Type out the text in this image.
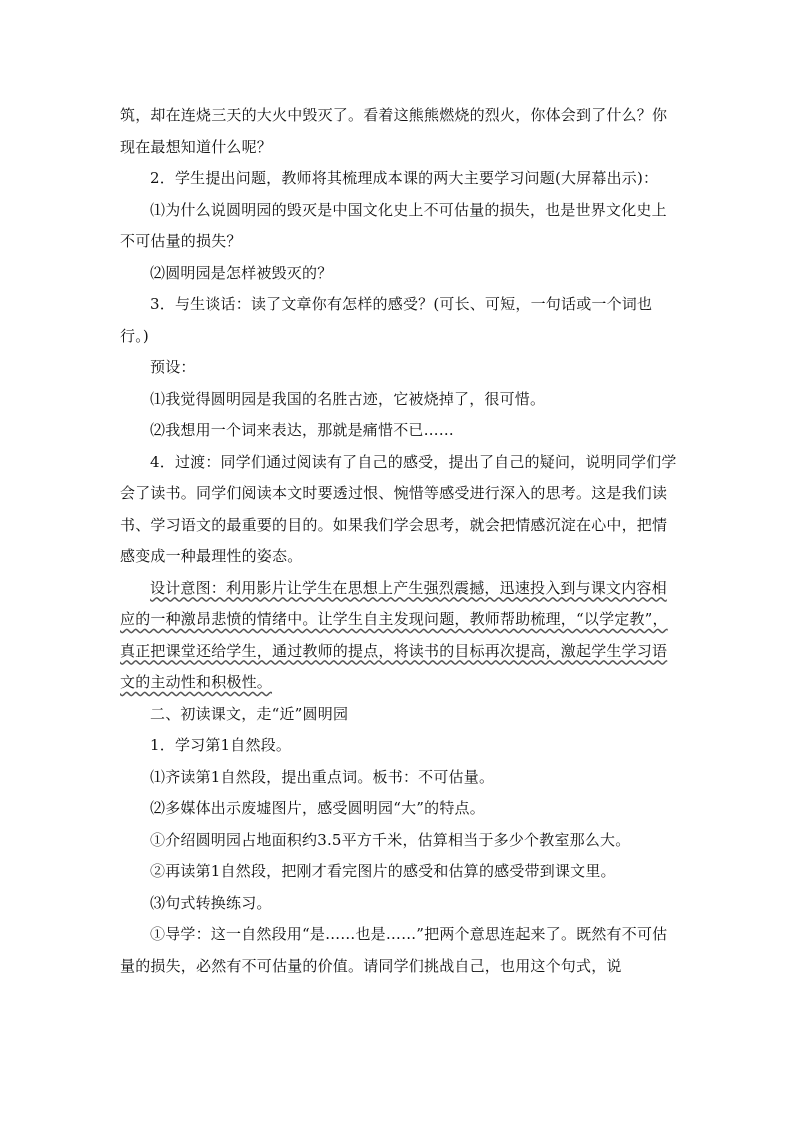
筑，却在连烧三天的大火中毁灭了。看着这熊熊燃烧的烈火，你体会到了什么？你现在最想知道什么呢？

2．学生提出问题，教师将其梳理成本课的两大主要学习问题(大屏幕出示)：

⑴为什么说圆明园的毁灭是中国文化史上不可估量的损失，也是世界文化史上不可估量的损失？

⑵圆明园是怎样被毁灭的？

3．与生谈话：读了文章你有怎样的感受？(可长、可短，一句话或一个词也行。)

预设：

⑴我觉得圆明园是我国的名胜古迹，它被烧掉了，很可惜。

⑵我想用一个词来表达，那就是痛惜不已……

4．过渡：同学们通过阅读有了自己的感受，提出了自己的疑问，说明同学们学会了读书。同学们阅读本文时要透过恨、惋惜等感受进行深入的思考。这是我们读书、学习语文的最重要的目的。如果我们学会思考，就会把情感沉淀在心中，把情感变成一种最理性的姿态。

设计意图：利用影片让学生在思想上产生强烈震撼，迅速投入到与课文内容相应的一种激昂悲愤的情绪中。让学生自主发现问题，教师帮助梳理，“以学定教”，真正把课堂还给学生，通过教师的提点，将读书的目标再次提高，激起学生学习语文的主动性和积极性。

二、初读课文，走“近”圆明园

1．学习第1自然段。

⑴齐读第1自然段，提出重点词。板书：不可估量。

⑵多媒体出示废墟图片，感受圆明园“大”的特点。

①介绍圆明园占地面积约3.5平方千米，估算相当于多少个教室那么大。

②再读第1自然段，把刚才看完图片的感受和估算的感受带到课文里。

⑶句式转换练习。

①导学：这一自然段用“是……也是……”把两个意思连起来了。既然有不可估量的损失，必然有不可估量的价值。请同学们挑战自己，也用这个句式，说
